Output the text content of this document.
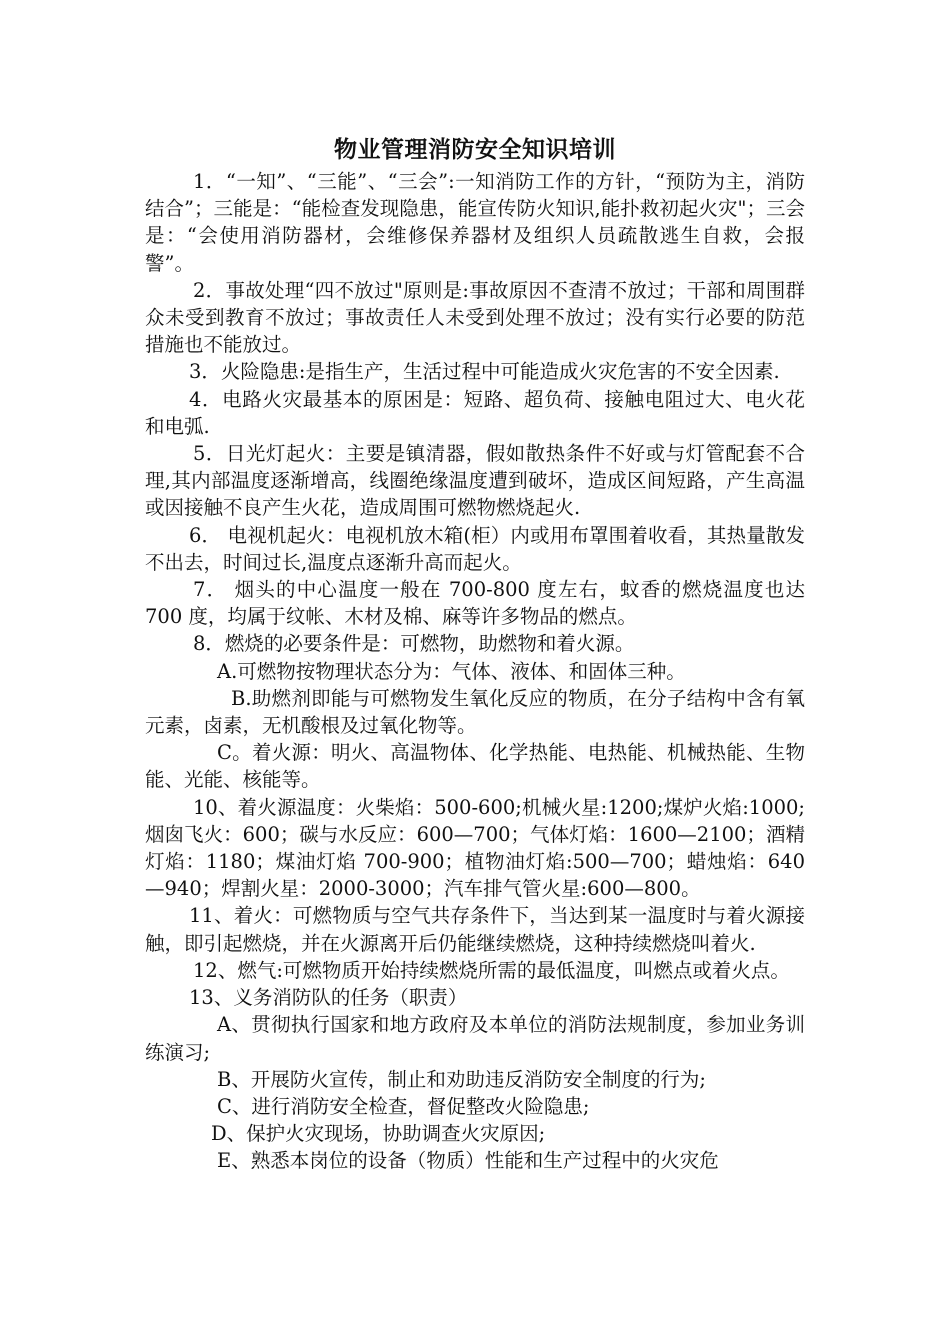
物业管理消防安全知识培训

1．“一知”、“三能”、“三会”:一知消防工作的方针，“预防为主，消防结合”；三能是：“能检查发现隐患，能宣传防火知识,能扑救初起火灾"；三会是：“会使用消防器材，会维修保养器材及组织人员疏散逃生自救，会报警”。

2．事故处理“四不放过"原则是:事故原因不查清不放过；干部和周围群众未受到教育不放过；事故责任人未受到处理不放过；没有实行必要的防范措施也不能放过。

3．火险隐患:是指生产，生活过程中可能造成火灾危害的不安全因素.

4．电路火灾最基本的原困是：短路、超负荷、接触电阻过大、电火花和电弧.

5．日光灯起火：主要是镇清器，假如散热条件不好或与灯管配套不合理,其内部温度逐渐增高，线圈绝缘温度遭到破坏，造成区间短路，产生高温或因接触不良产生火花，造成周围可燃物燃烧起火.

6． 电视机起火：电视机放木箱(柜）内或用布罩围着收看，其热量散发不出去，时间过长,温度点逐渐升高而起火。

7． 烟头的中心温度一般在 700-800 度左右，蚊香的燃烧温度也达 700 度，均属于纹帐、木材及棉、麻等许多物品的燃点。

8．燃烧的必要条件是：可燃物，助燃物和着火源。

A.可燃物按物理状态分为：气体、液体、和固体三种。

B.助燃剂即能与可燃物发生氧化反应的物质，在分子结构中含有氧元素，卤素，无机酸根及过氧化物等。

C。着火源：明火、高温物体、化学热能、电热能、机械热能、生物能、光能、核能等。

10、着火源温度：火柴焰：500-600;机械火星:1200;煤炉火焰:1000;烟囱飞火：600；碳与水反应：600—700；气体灯焰：1600—2100；酒精灯焰：1180；煤油灯焰 700-900；植物油灯焰:500—700；蜡烛焰：640—940；焊割火星：2000-3000；汽车排气管火星:600—800。

11、着火：可燃物质与空气共存条件下，当达到某一温度时与着火源接触，即引起燃烧，并在火源离开后仍能继续燃烧，这种持续燃烧叫着火.

12、燃气:可燃物质开始持续燃烧所需的最低温度，叫燃点或着火点。

13、义务消防队的任务（职责）

A、贯彻执行国家和地方政府及本单位的消防法规制度，参加业务训练演习;

B、开展防火宣传，制止和劝助违反消防安全制度的行为;

C、进行消防安全检查，督促整改火险隐患;

D、保护火灾现场，协助调查火灾原因;

E、熟悉本岗位的设备（物质）性能和生产过程中的火灾危
